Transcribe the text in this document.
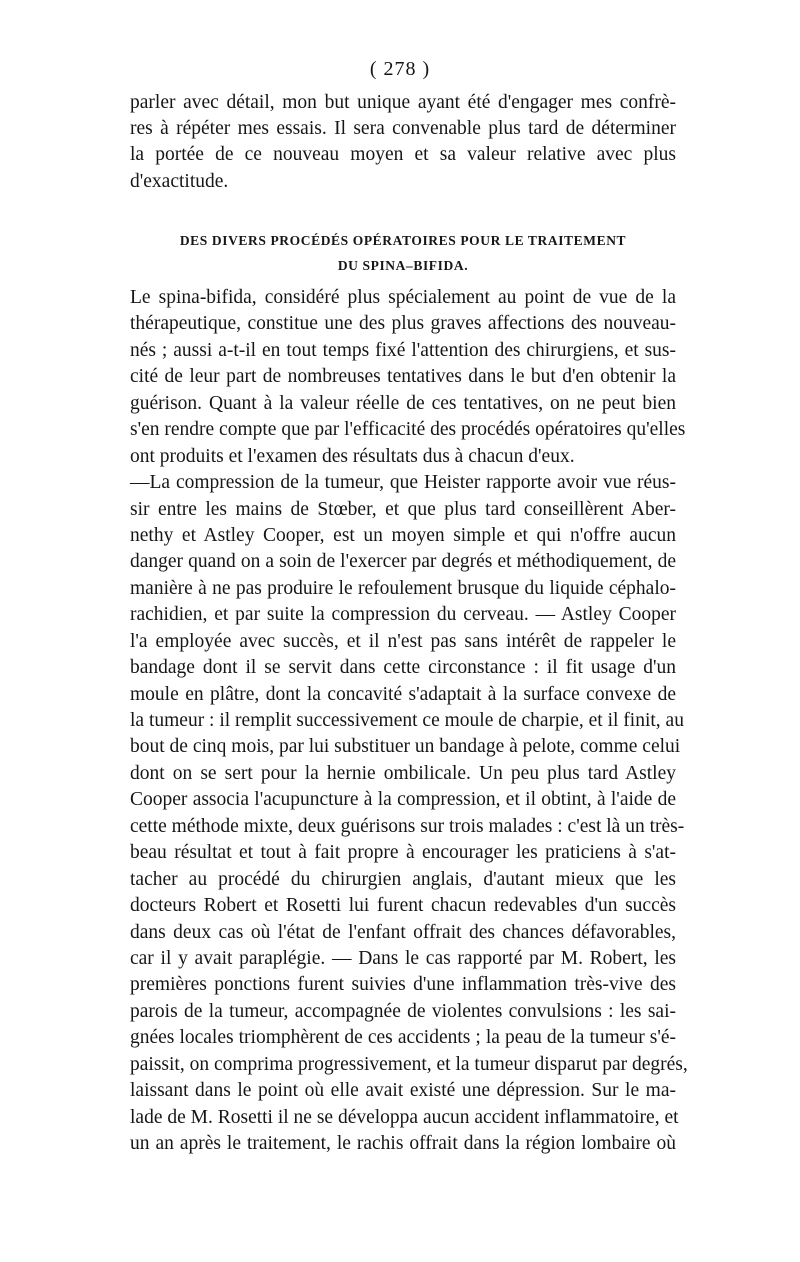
( 278 )
parler avec détail, mon but unique ayant été d'engager mes confrè-
res à répéter mes essais. Il sera convenable plus tard de déterminer
la portée de ce nouveau moyen et sa valeur relative avec plus
d'exactitude.
DES DIVERS PROCÉDÉS OPÉRATOIRES POUR LE TRAITEMENT
DU SPINA–BIFIDA.
Le spina-bifida, considéré plus spécialement au point de vue de la
thérapeutique, constitue une des plus graves affections des nouveau-
nés ; aussi a-t-il en tout temps fixé l'attention des chirurgiens, et sus-
cité de leur part de nombreuses tentatives dans le but d'en obtenir la
guérison. Quant à la valeur réelle de ces tentatives, on ne peut bien
s'en rendre compte que par l'efficacité des procédés opératoires qu'elles
ont produits et l'examen des résultats dus à chacun d'eux.
—La compression de la tumeur, que Heister rapporte avoir vue réus-
sir entre les mains de Stœber, et que plus tard conseillèrent Aber-
nethy et Astley Cooper, est un moyen simple et qui n'offre aucun
danger quand on a soin de l'exercer par degrés et méthodiquement, de
manière à ne pas produire le refoulement brusque du liquide céphalo-
rachidien, et par suite la compression du cerveau. — Astley Cooper
l'a employée avec succès, et il n'est pas sans intérêt de rappeler le
bandage dont il se servit dans cette circonstance : il fit usage d'un
moule en plâtre, dont la concavité s'adaptait à la surface convexe de
la tumeur : il remplit successivement ce moule de charpie, et il finit, au
bout de cinq mois, par lui substituer un bandage à pelote, comme celui
dont on se sert pour la hernie ombilicale. Un peu plus tard Astley
Cooper associa l'acupuncture à la compression, et il obtint, à l'aide de
cette méthode mixte, deux guérisons sur trois malades : c'est là un très-
beau résultat et tout à fait propre à encourager les praticiens à s'at-
tacher au procédé du chirurgien anglais, d'autant mieux que les
docteurs Robert et Rosetti lui furent chacun redevables d'un succès
dans deux cas où l'état de l'enfant offrait des chances défavorables,
car il y avait paraplégie. — Dans le cas rapporté par M. Robert, les
premières ponctions furent suivies d'une inflammation très-vive des
parois de la tumeur, accompagnée de violentes convulsions : les sai-
gnées locales triomphèrent de ces accidents ; la peau de la tumeur s'é-
paissit, on comprima progressivement, et la tumeur disparut par degrés,
laissant dans le point où elle avait existé une dépression. Sur le ma-
lade de M. Rosetti il ne se développa aucun accident inflammatoire, et
un an après le traitement, le rachis offrait dans la région lombaire où
